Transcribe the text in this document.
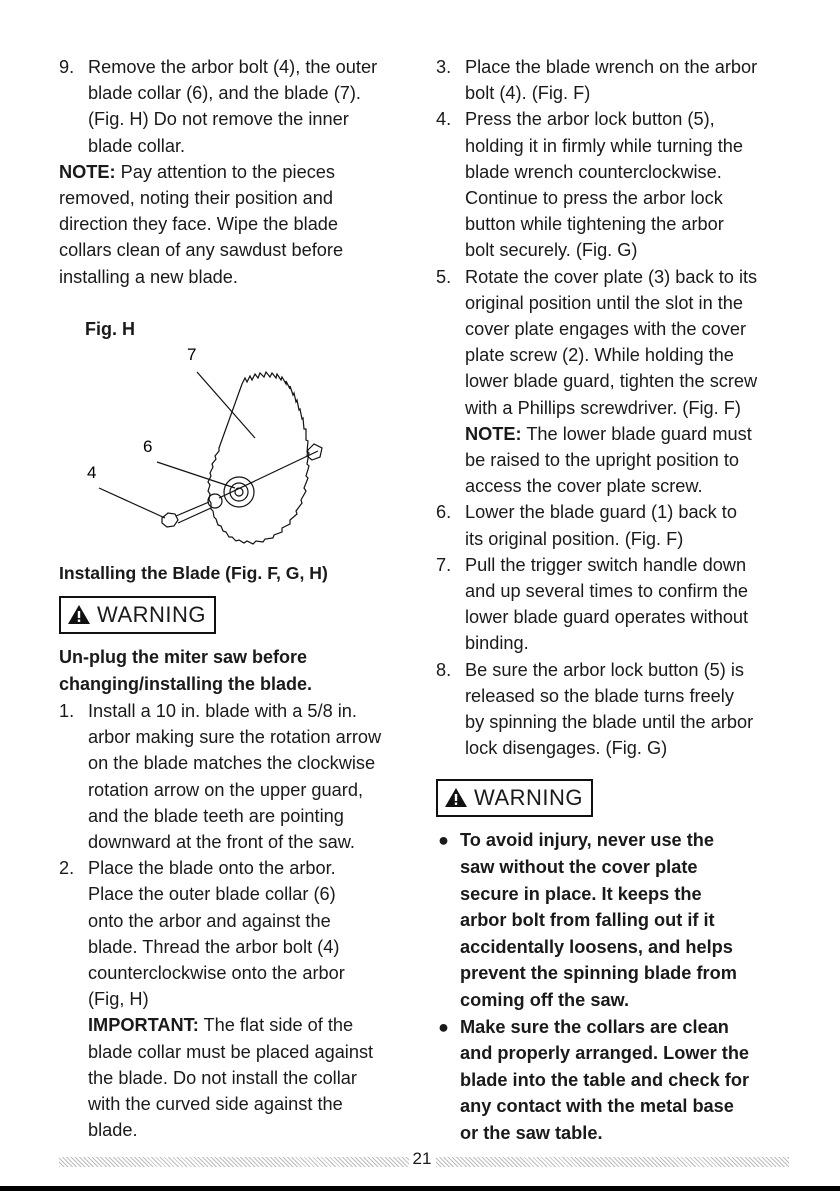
9. Remove the arbor bolt (4), the outer

blade collar (6), and the blade (7).

(Fig. H) Do not remove the inner

blade collar.

NOTE: Pay attention to the pieces

removed, noting their position and

direction they face. Wipe the blade

collars clean of any sawdust before

installing a new blade.

Fig. H
7
6
4
Installing the Blade (Fig. F, G, H)
WARNING

Un-plug the miter saw before

changing/installing the blade.

1. Install a 10 in. blade with a 5/8 in.

arbor making sure the rotation arrow

on the blade matches the clockwise

rotation arrow on the upper guard,

and the blade teeth are pointing

downward at the front of the saw.

2. Place the blade onto the arbor.

Place the outer blade collar (6)

onto the arbor and against the

blade. Thread the arbor bolt (4)

counterclockwise onto the arbor

(Fig, H)

IMPORTANT: The flat side of the

blade collar must be placed against

the blade. Do not install the collar

with the curved side against the

blade.

3. Place the blade wrench on the arbor

bolt (4). (Fig. F)

4. Press the arbor lock button (5),

holding it in firmly while turning the

blade wrench counterclockwise.

Continue to press the arbor lock

button while tightening the arbor

bolt securely. (Fig. G)

5. Rotate the cover plate (3) back to its

original position until the slot in the

cover plate engages with the cover

plate screw (2). While holding the

lower blade guard, tighten the screw

with a Phillips screwdriver. (Fig. F)

NOTE: The lower blade guard must

be raised to the upright position to

access the cover plate screw.

6. Lower the blade guard (1) back to

its original position. (Fig. F)

7. Pull the trigger switch handle down

and up several times to confirm the

lower blade guard operates without

binding.

8. Be sure the arbor lock button (5) is

released so the blade turns freely

by spinning the blade until the arbor

lock disengages. (Fig. G)

WARNING
● To avoid injury, never use the

saw without the cover plate

secure in place. It keeps the

arbor bolt from falling out if it

accidentally loosens, and helps

prevent the spinning blade from

coming off the saw.

● Make sure the collars are clean

and properly arranged. Lower the

blade into the table and check for

any contact with the metal base

or the saw table.

21
